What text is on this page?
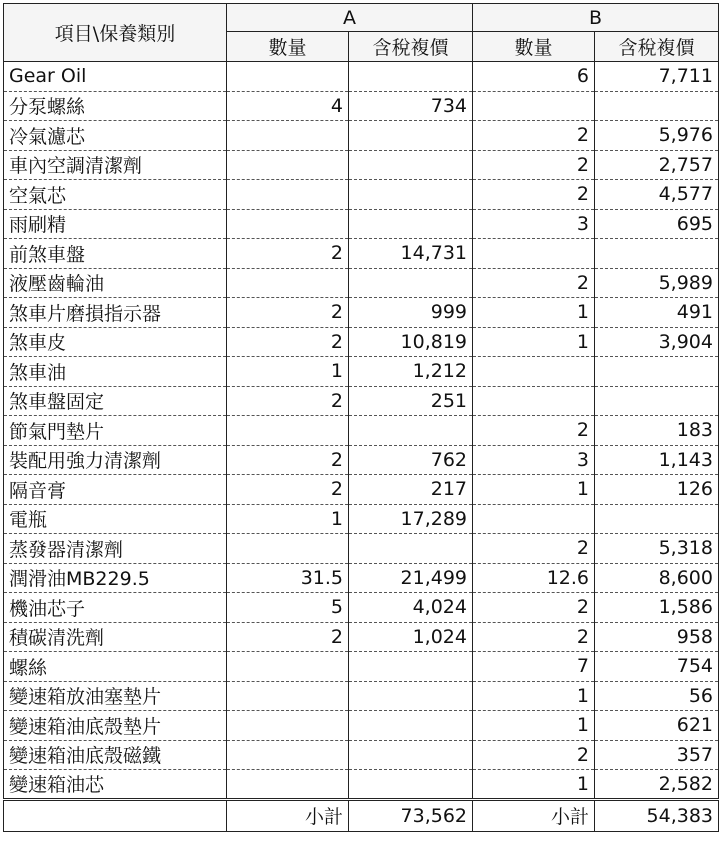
項目\保養類別	A		B	
	數量	含稅複價	數量	含稅複價
Gear Oil			6	7,711
分泵螺絲	4	734		
冷氣濾芯			2	5,976
車內空調清潔劑			2	2,757
空氣芯			2	4,577
雨刷精			3	695
前煞車盤	2	14,731		
液壓齒輪油			2	5,989
煞車片磨損指示器	2	999	1	491
煞車皮	2	10,819	1	3,904
煞車油	1	1,212		
煞車盤固定	2	251		
節氣門墊片			2	183
裝配用強力清潔劑	2	762	3	1,143
隔音膏	2	217	1	126
電瓶	1	17,289		
蒸發器清潔劑			2	5,318
潤滑油MB229.5	31.5	21,499	12.6	8,600
機油芯子	5	4,024	2	1,586
積碳清洗劑	2	1,024	2	958
螺絲			7	754
變速箱放油塞墊片			1	56
變速箱油底殼墊片			1	621
變速箱油底殼磁鐵			2	357
變速箱油芯			1	2,582
	小計	73,562	小計	54,383
